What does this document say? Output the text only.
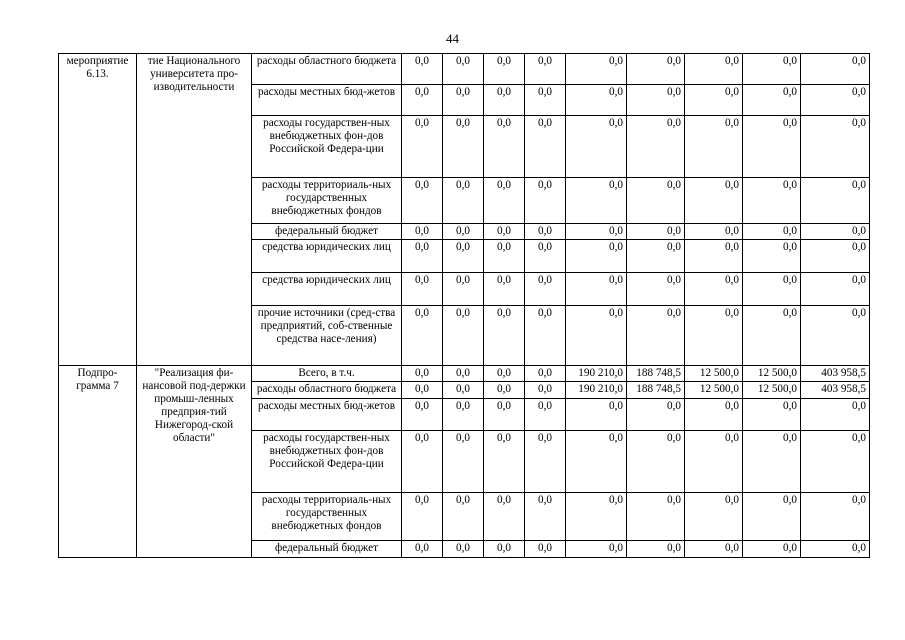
44
мероприятие 6.13.	тие Национального университета про-изводительности	расходы областного бюджета	0,0	0,0	0,0	0,0	0,0	0,0	0,0	0,0	0,0
		расходы местных бюд-жетов	0,0	0,0	0,0	0,0	0,0	0,0	0,0	0,0	0,0
		расходы государствен-ных внебюджетных фон-дов Российской Федера-ции	0,0	0,0	0,0	0,0	0,0	0,0	0,0	0,0	0,0
		расходы территориаль-ных государственных внебюджетных фондов	0,0	0,0	0,0	0,0	0,0	0,0	0,0	0,0	0,0
		федеральный бюджет	0,0	0,0	0,0	0,0	0,0	0,0	0,0	0,0	0,0
		средства юридических лиц	0,0	0,0	0,0	0,0	0,0	0,0	0,0	0,0	0,0
		средства юридических лиц	0,0	0,0	0,0	0,0	0,0	0,0	0,0	0,0	0,0
		прочие источники (сред-ства предприятий, соб-ственные средства насе-ления)	0,0	0,0	0,0	0,0	0,0	0,0	0,0	0,0	0,0
Подпро-грамма 7	"Реализация фи-нансовой под-держки промыш-ленных предприя-тий Нижегород-ской области"	Всего, в т.ч.	0,0	0,0	0,0	0,0	190 210,0	188 748,5	12 500,0	12 500,0	403 958,5
		расходы областного бюджета	0,0	0,0	0,0	0,0	190 210,0	188 748,5	12 500,0	12 500,0	403 958,5
		расходы местных бюд-жетов	0,0	0,0	0,0	0,0	0,0	0,0	0,0	0,0	0,0
		расходы государствен-ных внебюджетных фон-дов Российской Федера-ции	0,0	0,0	0,0	0,0	0,0	0,0	0,0	0,0	0,0
		расходы территориаль-ных государственных внебюджетных фондов	0,0	0,0	0,0	0,0	0,0	0,0	0,0	0,0	0,0
		федеральный бюджет	0,0	0,0	0,0	0,0	0,0	0,0	0,0	0,0	0,0
